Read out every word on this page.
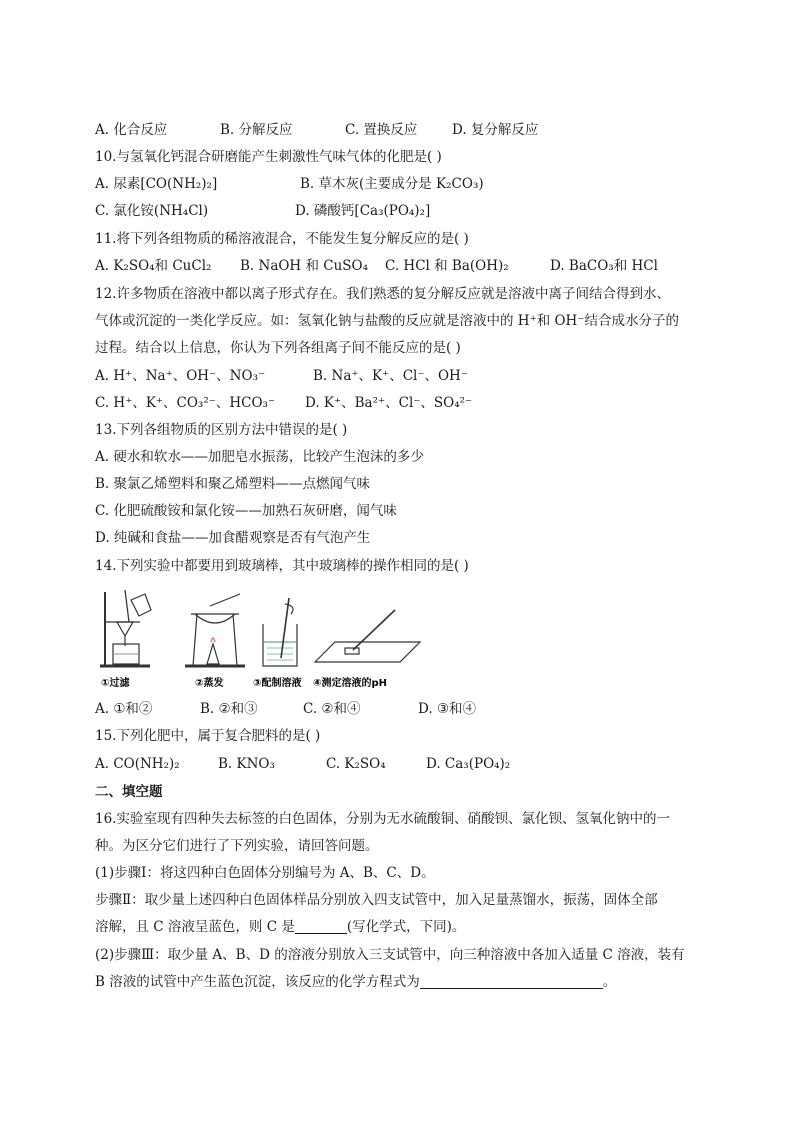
A. 化合反应	B. 分解反应	C. 置换反应	D. 复分解反应
10.与氢氧化钙混合研磨能产生刺激性气味气体的化肥是( )
A. 尿素[CO(NH₂)₂]	B. 草木灰(主要成分是 K₂CO₃)
C. 氯化铵(NH₄Cl)	D. 磷酸钙[Ca₃(PO₄)₂]
11.将下列各组物质的稀溶液混合，不能发生复分解反应的是( )
A. K₂SO₄和 CuCl₂	B. NaOH 和 CuSO₄	C. HCl 和 Ba(OH)₂	D. BaCO₃和 HCl
12.许多物质在溶液中都以离子形式存在。我们熟悉的复分解反应就是溶液中离子间结合得到水、
气体或沉淀的一类化学反应。如：氢氧化钠与盐酸的反应就是溶液中的 H⁺和 OH⁻结合成水分子的
过程。结合以上信息，你认为下列各组离子间不能反应的是( )
A. H⁺、Na⁺、OH⁻、NO₃⁻	B. Na⁺、K⁺、Cl⁻、OH⁻
C. H⁺、K⁺、CO₃²⁻、HCO₃⁻	D. K⁺、Ba²⁺、Cl⁻、SO₄²⁻
13.下列各组物质的区别方法中错误的是( )
A. 硬水和软水——加肥皂水振荡，比较产生泡沫的多少
B. 聚氯乙烯塑料和聚乙烯塑料——点燃闻气味
C. 化肥硫酸铵和氯化铵——加熟石灰研磨，闻气味
D. 纯碱和食盐——加食醋观察是否有气泡产生
14.下列实验中都要用到玻璃棒，其中玻璃棒的操作相同的是( )
①过滤	②蒸发	③配制溶液 ④测定溶液的pH
A. ①和②	B. ②和③	C. ②和④	D. ③和④
15.下列化肥中，属于复合肥料的是( )
A. CO(NH₂)₂	B. KNO₃	C. K₂SO₄	D. Ca₃(PO₄)₂
二、填空题
16.实验室现有四种失去标签的白色固体，分别为无水硫酸铜、硝酸钡、氯化钡、氢氧化钠中的一
种。为区分它们进行了下列实验，请回答问题。
(1)步骤Ⅰ：将这四种白色固体分别编号为 A、B、C、D。
步骤Ⅱ：取少量上述四种白色固体样品分别放入四支试管中，加入足量蒸馏水，振荡，固体全部
溶解，且 C 溶液呈蓝色，则 C 是	(写化学式，下同)。
(2)步骤Ⅲ：取少量 A、B、D 的溶液分别放入三支试管中，向三种溶液中各加入适量 C 溶液，装有
B 溶液的试管中产生蓝色沉淀，该反应的化学方程式为	。
